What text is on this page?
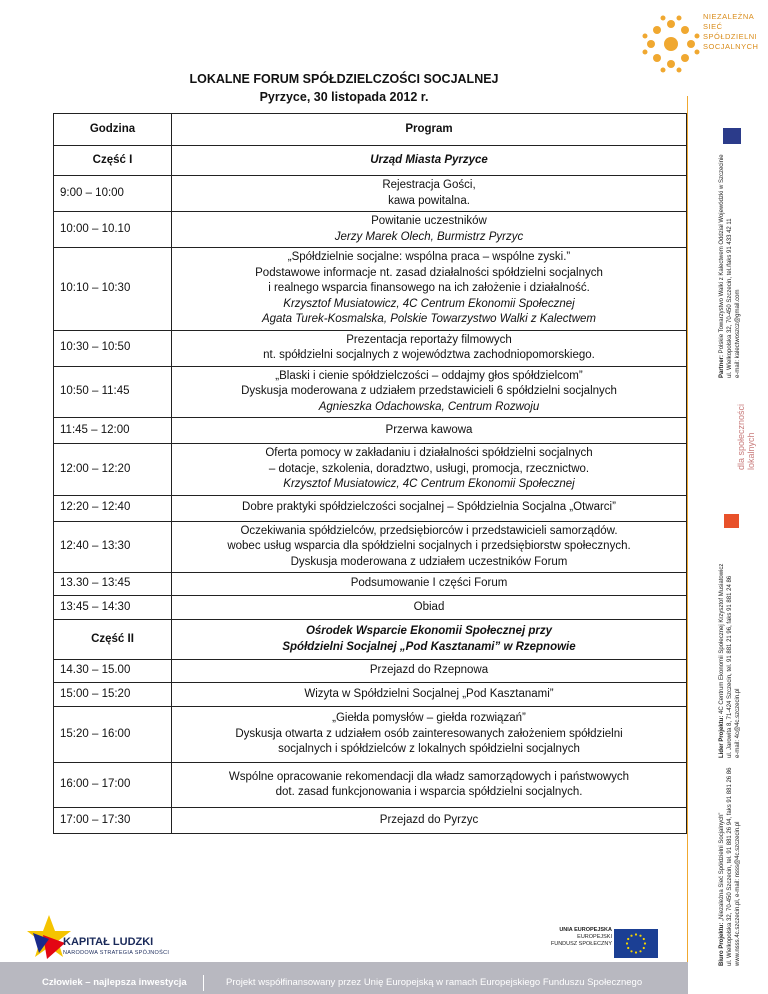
NIEZALEŻNA
SIEĆ
SPÓŁDZIELNI
SOCJALNYCH
LOKALNE FORUM SPÓŁDZIELCZOŚCI SOCJALNEJ
Pyrzyce, 30 listopada 2012 r.
Godzina	Program
Część I	Urząd Miasta Pyrzyce
9:00 – 10:00	Rejestracja Gości,
kawa powitalna.

10:00 – 10.10	Powitanie uczestników
Jerzy Marek Olech, Burmistrz Pyrzyc

10:10 – 10:30	„Spółdzielnie socjalne: wspólna praca – wspólne zyski.”
Podstawowe informacje nt. zasad działalności spółdzielni socjalnych
i realnego wsparcia finansowego na ich założenie i działalność.
Krzysztof Musiatowicz, 4C Centrum Ekonomii Społecznej
Agata Turek-Kosmalska, Polskie Towarzystwo Walki z Kalectwem

10:30 – 10:50	Prezentacja reportaży filmowych
nt. spółdzielni socjalnych z województwa zachodniopomorskiego.

10:50 – 11:45	„Blaski i cienie spółdzielczości – oddajmy głos spółdzielcom”
Dyskusja moderowana z udziałem przedstawicieli 6 spółdzielni socjalnych
Agnieszka Odachowska, Centrum Rozwoju

11:45 – 12:00	Przerwa kawowa

12:00 – 12:20	Oferta pomocy w zakładaniu i działalności spółdzielni socjalnych
– dotacje, szkolenia, doradztwo, usługi, promocja, rzecznictwo.
Krzysztof Musiatowicz, 4C Centrum Ekonomii Społecznej

12:20 – 12:40	Dobre praktyki spółdzielczości socjalnej – Spółdzielnia Socjalna „Otwarci”

12:40 – 13:30	Oczekiwania spółdzielców, przedsiębiorców i przedstawicieli samorządów.
wobec usług wsparcia dla spółdzielni socjalnych i przedsiębiorstw społecznych.
Dyskusja moderowana z udziałem uczestników Forum

13.30 – 13:45	Podsumowanie I części Forum

13:45 – 14:30	Obiad

Część II	Ośrodek Wsparcie Ekonomii Społecznej przy
Spółdzielni Socjalnej „Pod Kasztanami” w Rzepnowie

14.30 – 15.00	Przejazd do Rzepnowa

15:00 – 15:20	Wizyta w Spółdzielni Socjalnej „Pod Kasztanami”

15:20 – 16:00	„Giełda pomysłów – giełda rozwiązań”
Dyskusja otwarta z udziałem osób zainteresowanych założeniem spółdzielni
socjalnych i spółdzielców z lokalnych spółdzielni socjalnych

16:00 – 17:00	Wspólne opracowanie rekomendacji dla władz samorządowych i państwowych
dot. zasad funkcjonowania i wsparcia spółdzielni socjalnych.

17:00 – 17:30	Przejazd do Pyrzyc
Partner: Polskie Towarzystwo Walki z Kalectwem Oddział Wojewódzki w Szczecinie ul. Wielkopolska 32, 70-450 Szczecin, tel./faks 91 433 42 11 e-mail: kalectwoszcz@gmail.com
dla społeczności lokalnych
Lider Projektu: 4C Centrum Ekonomii Społecznej Krzysztof Musiatowicz ul. Jarowita 8, 71-424 Szczecin, tel. 91 881 21 96, faks 91 881 24 86 e-mail: 4c@4c.szczecin.pl
Biuro Projektu: „Niezależna Sieć Spółdzielni Socjalnych” ul. Wielkopolska 32, 70-450 Szczecin, tel. 91 881 26 94, faks 91 881 26 86 www.nsss.4c.szczecin.pl, e-mail: nsss@4c.szczecin.pl
KAPITAŁ LUDZKI
NARODOWA STRATEGIA SPÓJNOŚCI
UNIA EUROPEJSKA
EUROPEJSKI
FUNDUSZ SPOŁECZNY
Człowiek – najlepsza inwestycja	Projekt współfinansowany przez Unię Europejską w ramach Europejskiego Funduszu Społecznego
